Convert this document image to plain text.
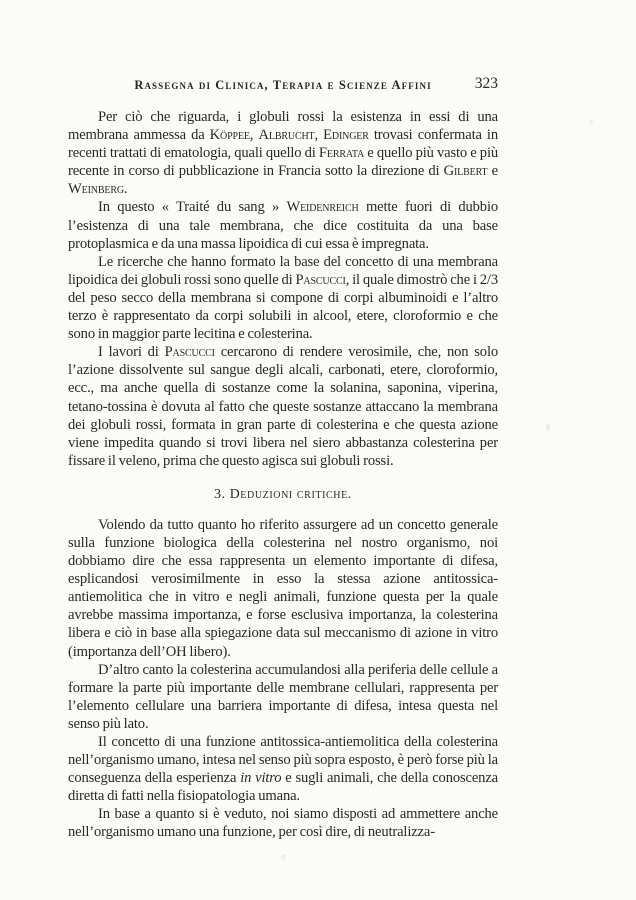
Rassegna di Clinica, Terapia e Scienze Affini	323

Per ciò che riguarda, i globuli rossi la esistenza in essi di una membrana ammessa da Köppee, Albrucht, Edinger trovasi confermata in recenti trattati di ematologia, quali quello di Ferrata e quello più vasto e più recente in corso di pubblicazione in Francia sotto la direzione di Gilbert e Weinberg.

In questo « Traité du sang » Weidenreich mette fuori di dubbio l’esistenza di una tale membrana, che dice costituita da una base protoplasmica e da una massa lipoidica di cui essa è impregnata.

Le ricerche che hanno formato la base del concetto di una membrana lipoidica dei globuli rossi sono quelle di Pascucci, il quale dimostrò che i 2/3 del peso secco della membrana si compone di corpi albuminoidi e l’altro terzo è rappresentato da corpi solubili in alcool, etere, cloroformio e che sono in maggior parte lecitina e colesterina.

I lavori di Pascucci cercarono di rendere verosimile, che, non solo l’azione dissolvente sul sangue degli alcali, carbonati, etere, cloroformio, ecc., ma anche quella di sostanze come la solanina, saponina, viperina, tetano-tossina è dovuta al fatto che queste sostanze attaccano la membrana dei globuli rossi, formata in gran parte di colesterina e che questa azione viene impedita quando si trovi libera nel siero abbastanza colesterina per fissare il veleno, prima che questo agisca sui globuli rossi.

3. Deduzioni critiche.

Volendo da tutto quanto ho riferito assurgere ad un concetto generale sulla funzione biologica della colesterina nel nostro organismo, noi dobbiamo dire che essa rappresenta un elemento importante di difesa, esplicandosi verosimilmente in esso la stessa azione antitossica-antiemolitica che in vitro e negli animali, funzione questa per la quale avrebbe massima importanza, e forse esclusiva importanza, la colesterina libera e ciò in base alla spiegazione data sul meccanismo di azione in vitro (importanza dell’OH libero).

D’altro canto la colesterina accumulandosi alla periferia delle cellule a formare la parte più importante delle membrane cellulari, rappresenta per l’elemento cellulare una barriera importante di difesa, intesa questa nel senso più lato.

Il concetto di una funzione antitossica-antiemolitica della colesterina nell’organismo umano, intesa nel senso più sopra esposto, è però forse più la conseguenza della esperienza in vitro e sugli animali, che della conoscenza diretta di fatti nella fisiopatologia umana.

In base a quanto si è veduto, noi siamo disposti ad ammettere anche nell’organismo umano una funzione, per così dire, di neutralizza-
